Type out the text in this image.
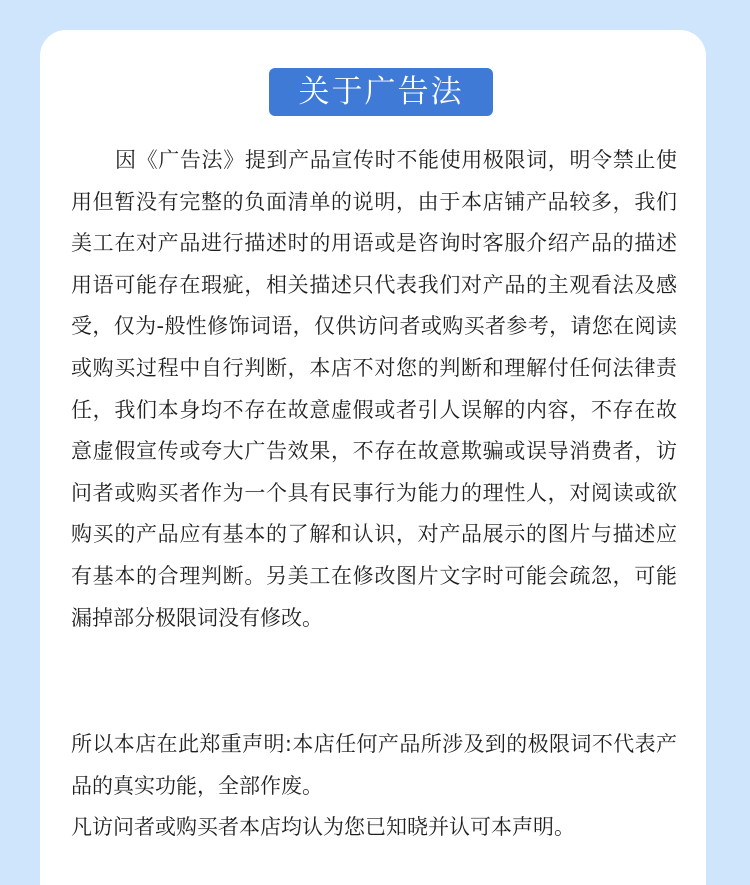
关于广告法

因《广告法》提到产品宣传时不能使用极限词，明令禁止使用但暂没有完整的负面清单的说明，由于本店铺产品较多，我们美工在对产品进行描述时的用语或是咨询时客服介绍产品的描述用语可能存在瑕疵，相关描述只代表我们对产品的主观看法及感受，仅为-般性修饰词语，仅供访问者或购买者参考，请您在阅读或购买过程中自行判断，本店不对您的判断和理解付任何法律责任，我们本身均不存在故意虚假或者引人误解的内容，不存在故意虚假宣传或夸大广告效果，不存在故意欺骗或误导消费者，访问者或购买者作为一个具有民事行为能力的理性人，对阅读或欲购买的产品应有基本的了解和认识，对产品展示的图片与描述应有基本的合理判断。另美工在修改图片文字时可能会疏忽，可能漏掉部分极限词没有修改。

所以本店在此郑重声明:本店任何产品所涉及到的极限词不代表产品的真实功能，全部作废。

凡访问者或购买者本店均认为您已知晓并认可本声明。
